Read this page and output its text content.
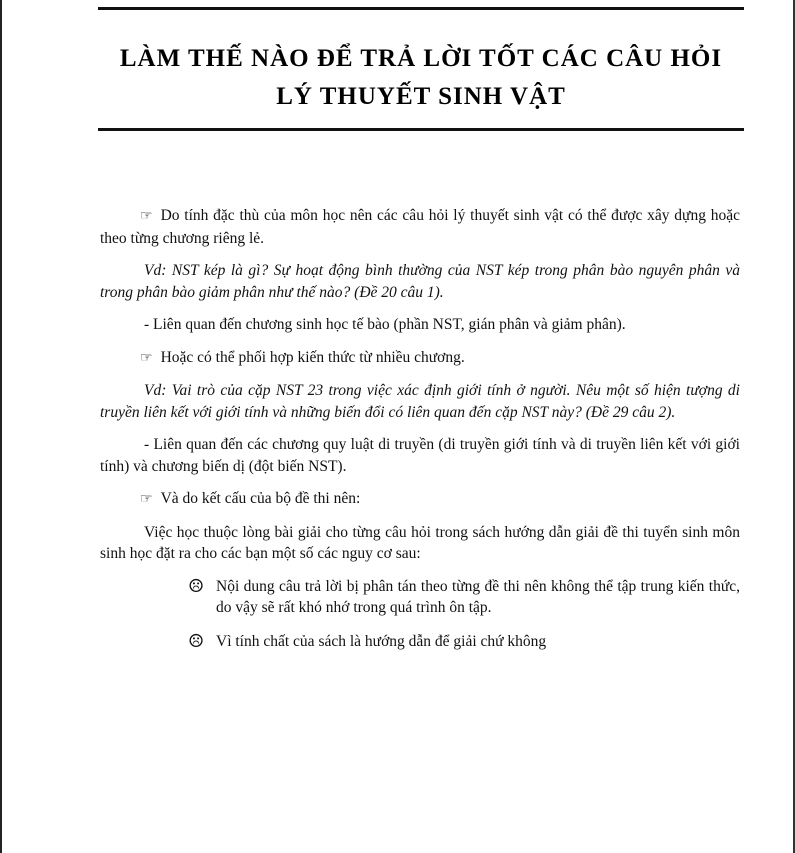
LÀM THẾ NÀO ĐỂ TRẢ LỜI TỐT CÁC CÂU HỎI
LÝ THUYẾT SINH VẬT

☞ Do tính đặc thù của môn học nên các câu hỏi lý thuyết sinh vật có thể được xây dựng hoặc theo từng chương riêng lẻ.

Vd: NST kép là gì? Sự hoạt động bình thường của NST kép trong phân bào nguyên phân và trong phân bào giảm phân như thế nào? (Đề 20 câu 1).

- Liên quan đến chương sinh học tế bào (phần NST, gián phân và giảm phân).

☞ Hoặc có thể phối hợp kiến thức từ nhiều chương.

Vd: Vai trò của cặp NST 23 trong việc xác định giới tính ở người. Nêu một số hiện tượng di truyền liên kết với giới tính và những biến đổi có liên quan đến cặp NST này? (Đề 29 câu 2).

- Liên quan đến các chương quy luật di truyền (di truyền giới tính và di truyền liên kết với giới tính) và chương biến dị (đột biến NST).

☞ Và do kết cấu của bộ đề thi nên:

Việc học thuộc lòng bài giải cho từng câu hỏi trong sách hướng dẫn giải đề thi tuyển sinh môn sinh học đặt ra cho các bạn một số các nguy cơ sau:

☹ Nội dung câu trả lời bị phân tán theo từng đề thi nên không thể tập trung kiến thức, do vậy sẽ rất khó nhớ trong quá trình ôn tập.
☹ Vì tính chất của sách là hướng dẫn để giải chứ không
